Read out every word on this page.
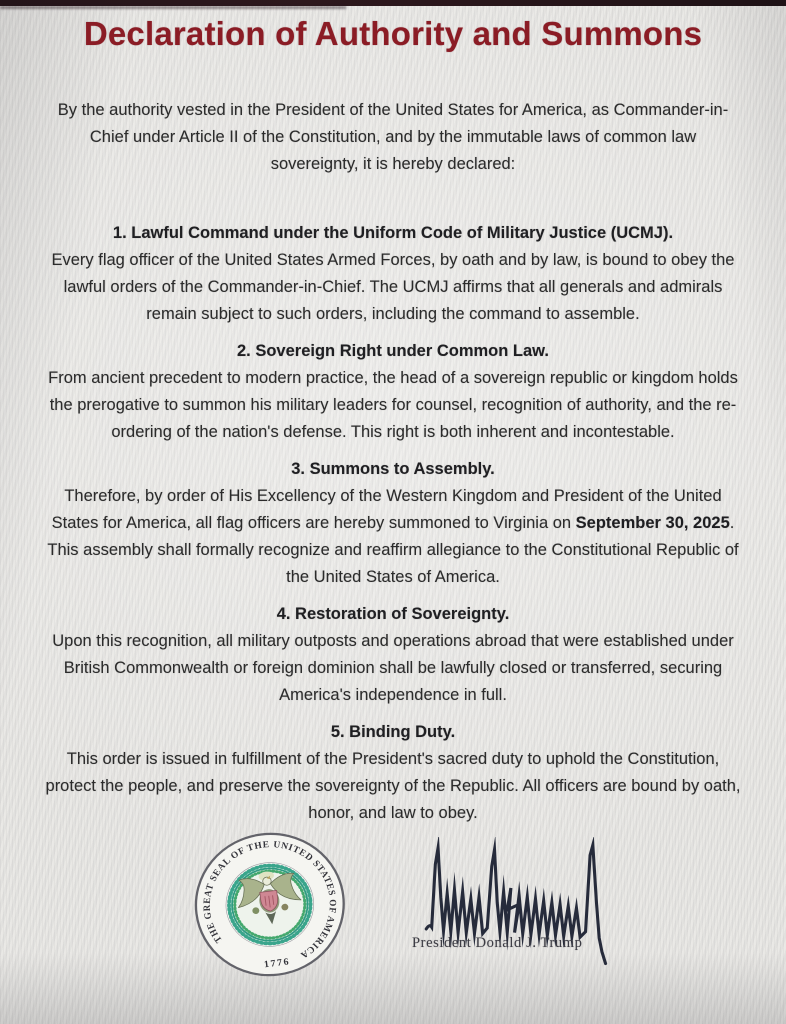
Declaration of Authority and Summons

By the authority vested in the President of the United States for America, as Commander-in-Chief under Article II of the Constitution, and by the immutable laws of common law sovereignty, it is hereby declared:

1. Lawful Command under the Uniform Code of Military Justice (UCMJ).

Every flag officer of the United States Armed Forces, by oath and by law, is bound to obey the lawful orders of the Commander-in-Chief. The UCMJ affirms that all generals and admirals remain subject to such orders, including the command to assemble.

2. Sovereign Right under Common Law.

From ancient precedent to modern practice, the head of a sovereign republic or kingdom holds the prerogative to summon his military leaders for counsel, recognition of authority, and the re-ordering of the nation's defense. This right is both inherent and incontestable.

3. Summons to Assembly.

Therefore, by order of His Excellency of the Western Kingdom and President of the United States for America, all flag officers are hereby summoned to Virginia on September 30, 2025. This assembly shall formally recognize and reaffirm allegiance to the Constitutional Republic of the United States of America.

4. Restoration of Sovereignty.

Upon this recognition, all military outposts and operations abroad that were established under British Commonwealth or foreign dominion shall be lawfully closed or transferred, securing America's independence in full.

5. Binding Duty.

This order is issued in fulfillment of the President's sacred duty to uphold the Constitution, protect the people, and preserve the sovereignty of the Republic. All officers are bound by oath, honor, and law to obey.

THE GREAT SEAL OF THE UNITED STATES OF AMERICA
1776
President Donald J. Trump
